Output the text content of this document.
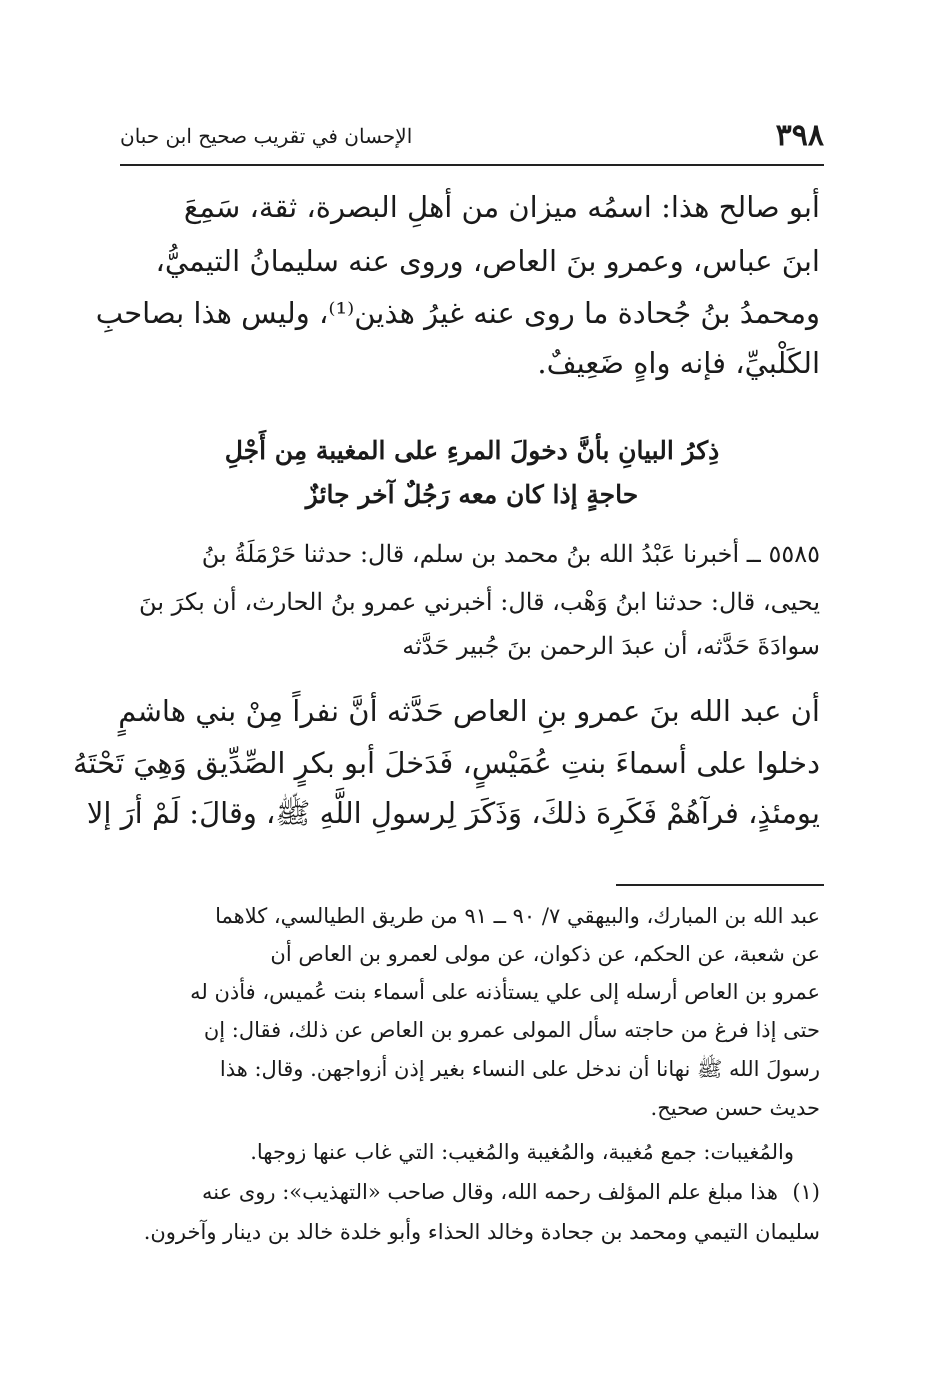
٣٩٨
الإحسان في تقريب صحيح ابن حبان
أبو صالح هذا: اسمُه ميزان من أهلِ البصرة، ثقة، سَمِعَ
ابنَ عباس، وعمرو بنَ العاص، وروى عنه سليمانُ التيميُّ،
ومحمدُ بنُ جُحادة ما روى عنه غيرُ هذين⁽¹⁾، وليس هذا بصاحبِ
الكَلْبيِّ، فإنه واهٍ ضَعِيفٌ.
ذِكرُ البيانِ بأنَّ دخولَ المرءِ على المغيبة مِن أَجْلِ
حاجةٍ إذا كان معه رَجُلٌ آخر جائزٌ
٥٥٨٥ ــ أخبرنا عَبْدُ الله بنُ محمد بن سلم، قال: حدثنا حَرْمَلَةُ بنُ
يحيى، قال: حدثنا ابنُ وَهْب، قال: أخبرني عمرو بنُ الحارث، أن بكرَ بنَ
سوادَةَ حَدَّثه، أن عبدَ الرحمن بنَ جُبير حَدَّثه
أن عبد الله بنَ عمرو بنِ العاص حَدَّثه أنَّ نفراً مِنْ بني هاشمٍ
دخلوا على أسماءَ بنتِ عُمَيْسٍ، فَدَخلَ أبو بكرٍ الصِّدِّيق وَهِيَ تَحْتَهُ
يومئذٍ، فرآهُمْ فَكَرِهَ ذلكَ، وَذَكَرَ لِرسولِ اللَّهِ ﷺ، وقالَ: لَمْ أرَ إلا
عبد الله بن المبارك، والبيهقي ٧/ ٩٠ ــ ٩١ من طريق الطيالسي، كلاهما
عن شعبة، عن الحكم، عن ذكوان، عن مولى لعمرو بن العاص أن
عمرو بن العاص أرسله إلى علي يستأذنه على أسماء بنت عُميس، فأذن له
حتى إذا فرغ من حاجته سأل المولى عمرو بن العاص عن ذلك، فقال: إن
رسولَ الله ﷺ نهانا أن ندخل على النساء بغير إذن أزواجهن. وقال: هذا
حديث حسن صحيح.
والمُغيبات: جمع مُغيبة، والمُغيبة والمُغيب: التي غاب عنها زوجها.
(١)
هذا مبلغ علم المؤلف رحمه الله، وقال صاحب «التهذيب»: روى عنه
سليمان التيمي ومحمد بن جحادة وخالد الحذاء وأبو خلدة خالد بن دينار وآخرون.
